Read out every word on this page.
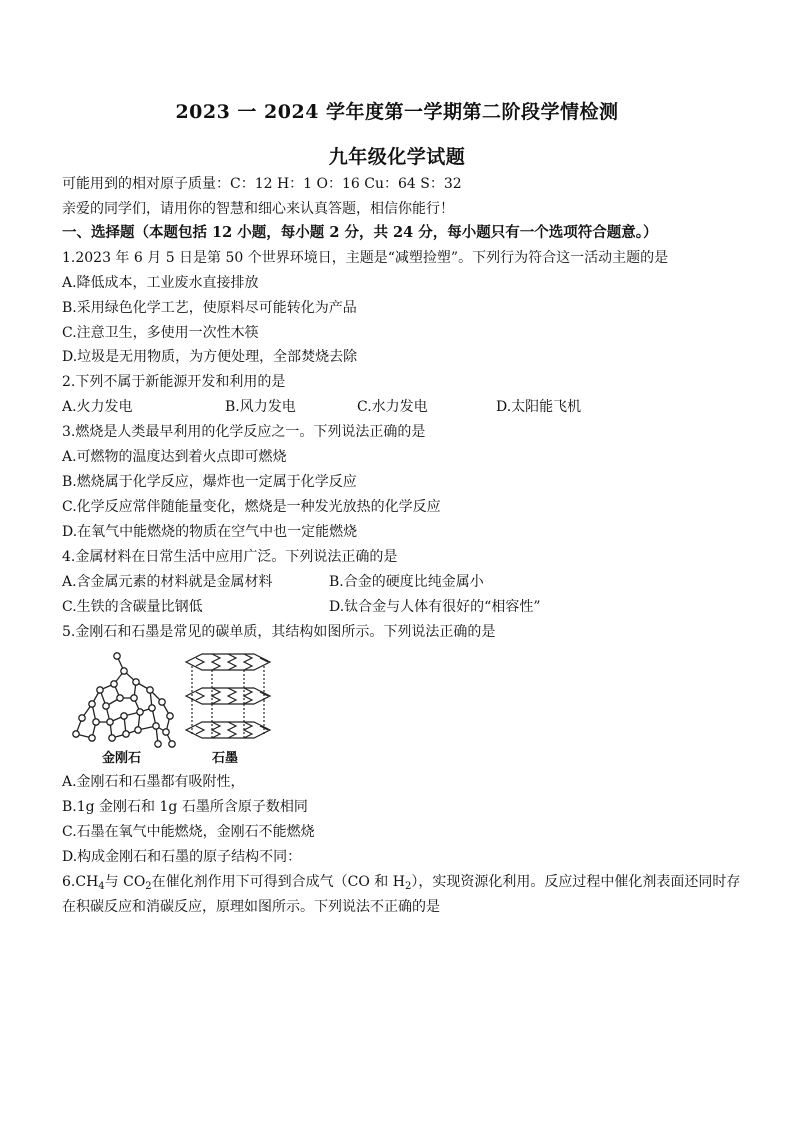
2023 一 2024 学年度第一学期第二阶段学情检测
九年级化学试题
可能用到的相对原子质量：C：12 H：1 O：16 Cu：64 S：32
亲爱的同学们，请用你的智慧和细心来认真答题，相信你能行！
一、选择题（本题包括 12 小题，每小题 2 分，共 24 分，每小题只有一个选项符合题意。）
1.2023 年 6 月 5 日是第 50 个世界环境日，主题是“减塑捡塑”。下列行为符合这一活动主题的是
A.降低成本，工业废水直接排放
B.采用绿色化学工艺，使原料尽可能转化为产品
C.注意卫生，多使用一次性木筷
D.垃圾是无用物质，为方便处理，全部焚烧去除
2.下列不属于新能源开发和利用的是
A.火力发电	B.风力发电	C.水力发电	D.太阳能飞机
3.燃烧是人类最早利用的化学反应之一。下列说法正确的是
A.可燃物的温度达到着火点即可燃烧
B.燃烧属于化学反应，爆炸也一定属于化学反应
C.化学反应常伴随能量变化，燃烧是一种发光放热的化学反应
D.在氧气中能燃烧的物质在空气中也一定能燃烧
4.金属材料在日常生活中应用广泛。下列说法正确的是
A.含金属元素的材料就是金属材料	B.合金的硬度比纯金属小
C.生铁的含碳量比钢低	D.钛合金与人体有很好的“相容性”
5.金刚石和石墨是常见的碳单质，其结构如图所示。下列说法正确的是
金刚石	石墨
A.金刚石和石墨都有吸附性，
B.1g 金刚石和 1g 石墨所含原子数相同
C.石墨在氧气中能燃烧，金刚石不能燃烧
D.构成金刚石和石墨的原子结构不同：
$6.CH_4$与 $CO_2$在催化剂作用下可得到合成气（CO 和 $H_2$），实现资源化利用。反应过程中催化剂表面还同时存
在积碳反应和消碳反应，原理如图所示。下列说法不正确的是
